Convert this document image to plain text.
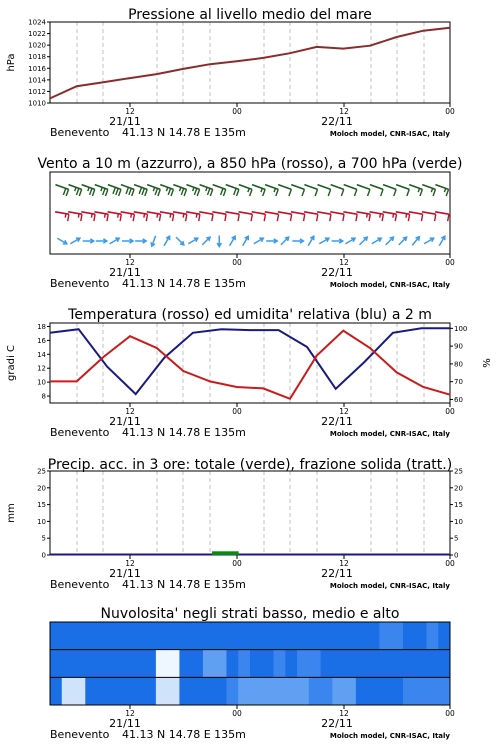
Pressione al livello medio del mare
1010
1012
1014
1016
1018
1020
1022
1024
hPa
12	00	12	00
21/11	22/11
Benevento 41.13 N 14.78 E 135m	Moloch model, CNR-ISAC, Italy
Vento a 10 m (azzurro), a 850 hPa (rosso), a 700 hPa (verde)
12	00	12	00
21/11	22/11
Benevento 41.13 N 14.78 E 135m	Moloch model, CNR-ISAC, Italy
Temperatura (rosso) ed umidita' relativa (blu) a 2 m
8
10
12
14
16
18
60
70
80
90
100
gradi C	%
12	00	12	00
21/11	22/11
Benevento 41.13 N 14.78 E 135m	Moloch model, CNR-ISAC, Italy
Precip. acc. in 3 ore: totale (verde), frazione solida (tratt.)
0
5
10
15
20
25
0
5
10
15
20
25
mm
12	00	12	00
21/11	22/11
Benevento 41.13 N 14.78 E 135m	Moloch model, CNR-ISAC, Italy
Nuvolosita' negli strati basso, medio e alto
12	00	12	00
21/11	22/11
Benevento 41.13 N 14.78 E 135m	Moloch model, CNR-ISAC, Italy
